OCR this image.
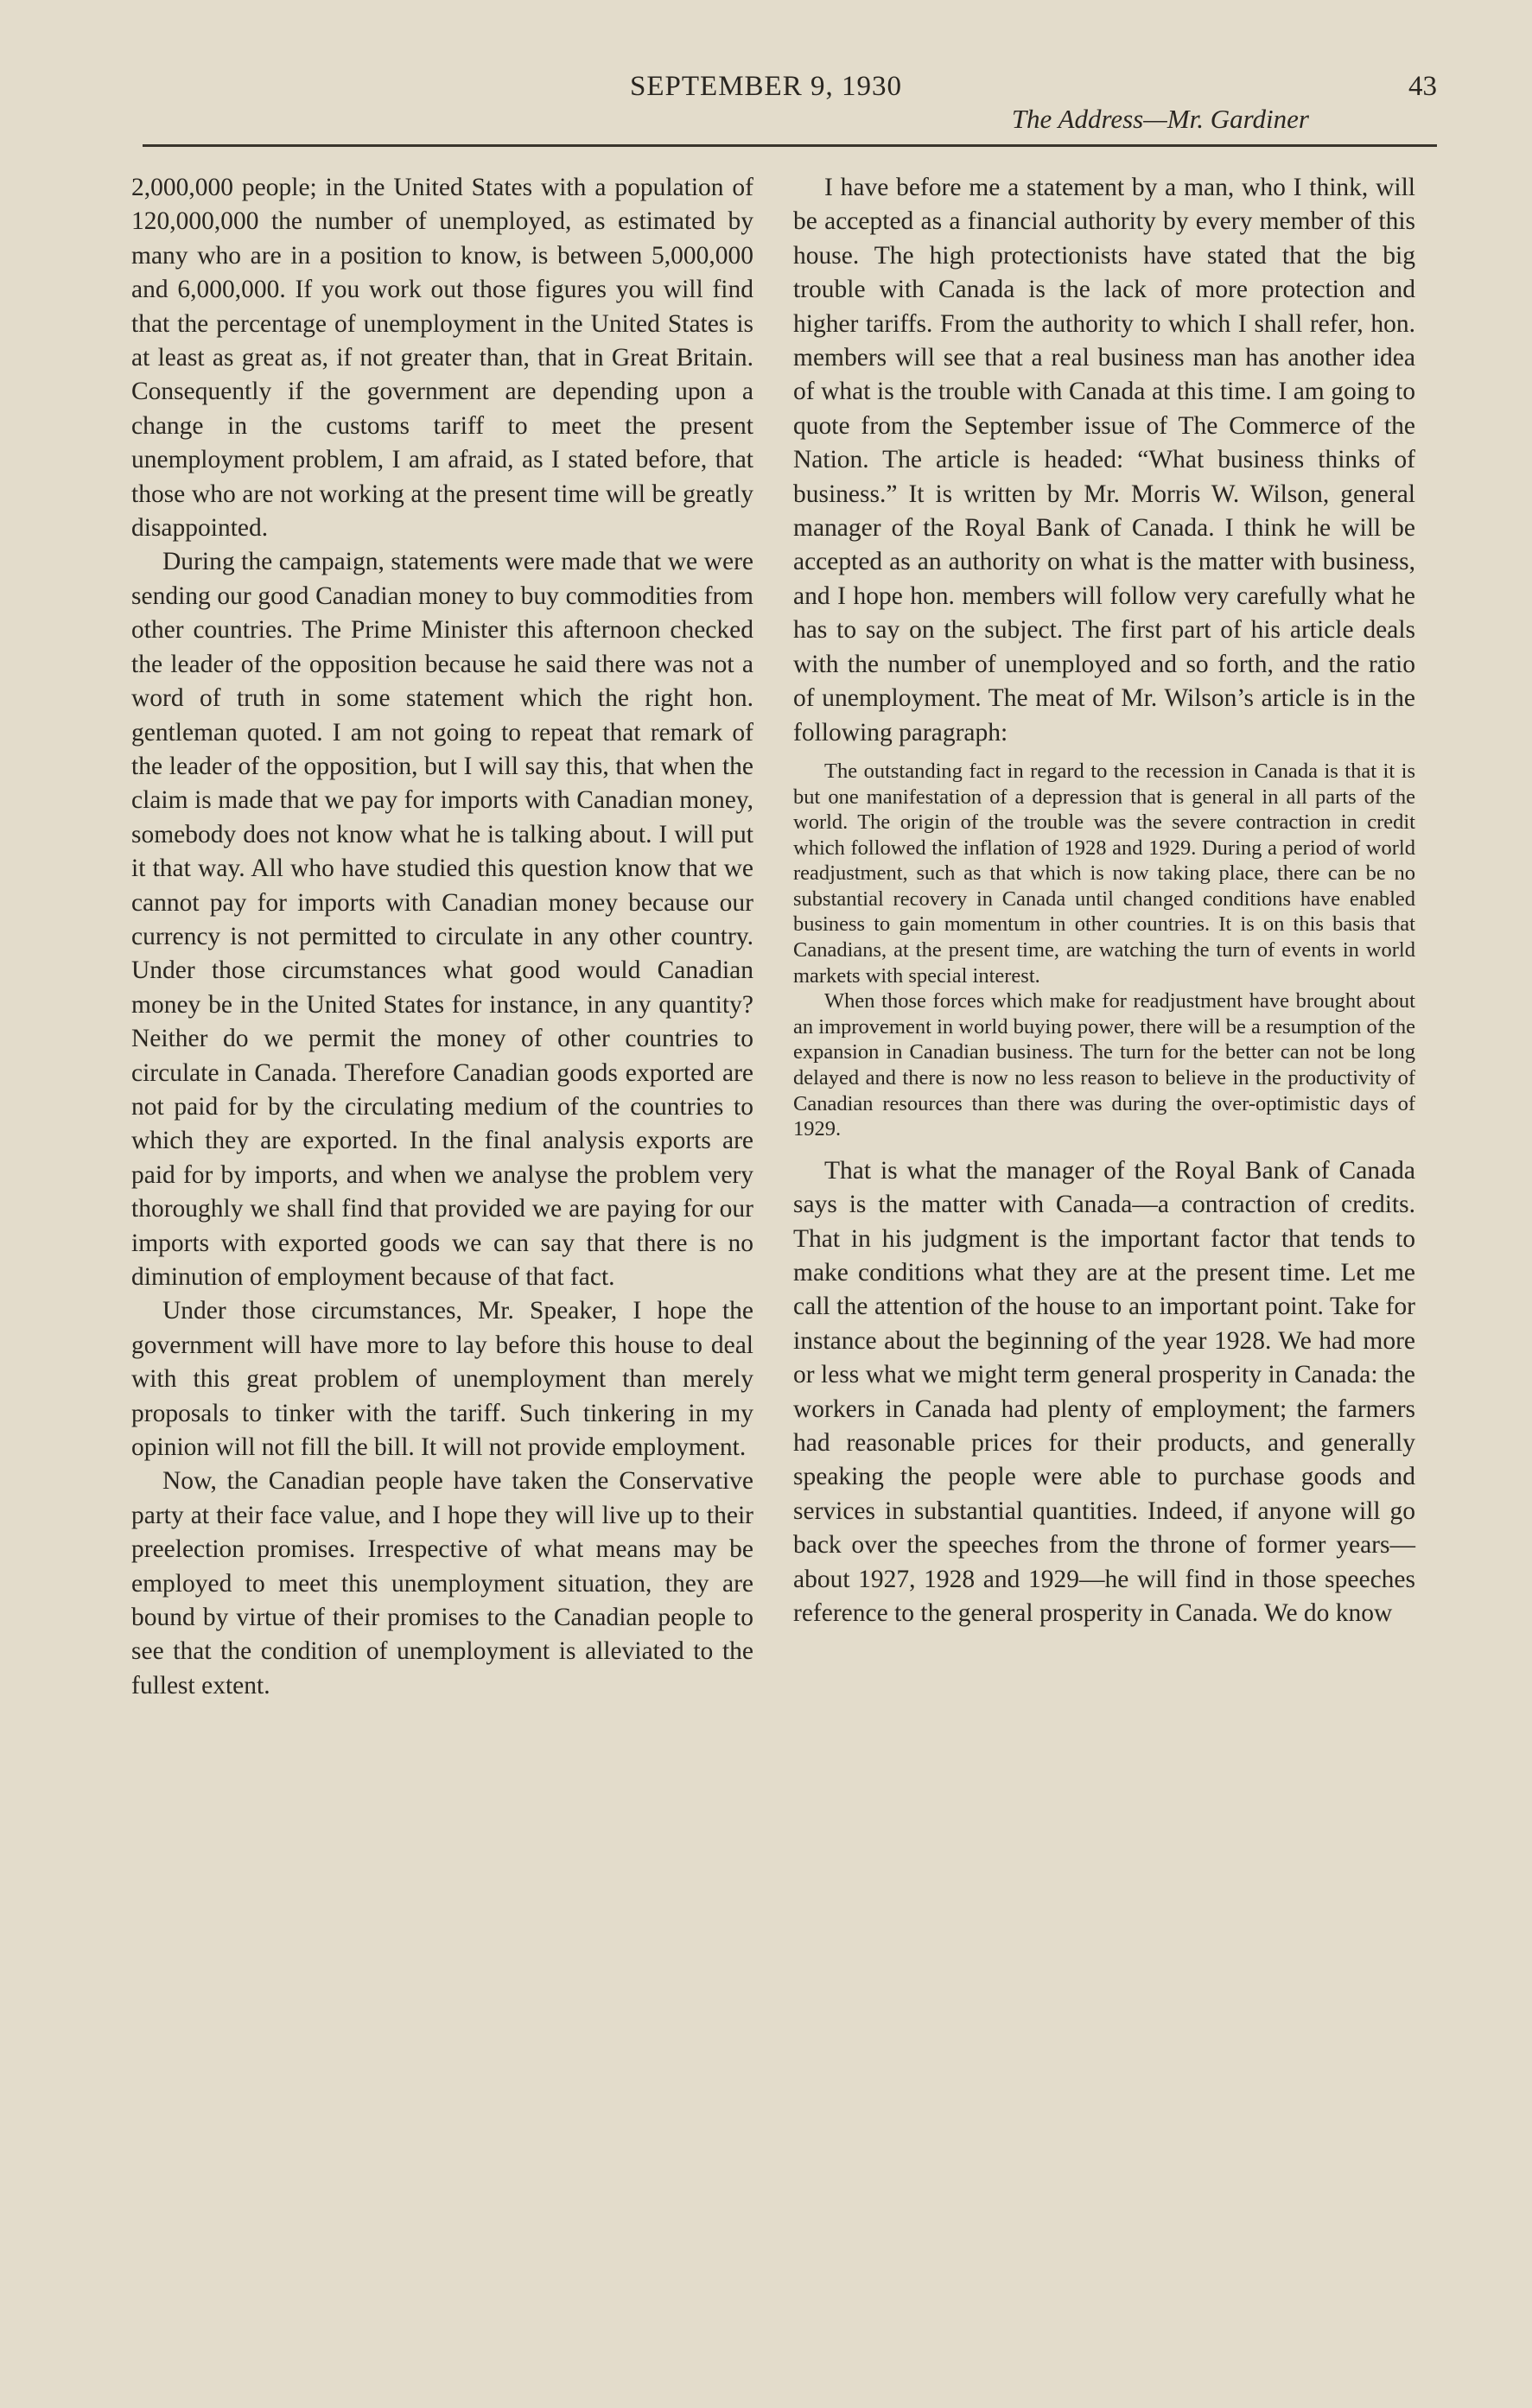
SEPTEMBER 9, 1930	43
The Address—Mr. Gardiner

2,000,000 people; in the United States with a population of 120,000,000 the number of unemployed, as estimated by many who are in a position to know, is between 5,000,000 and 6,000,000. If you work out those figures you will find that the percentage of unemployment in the United States is at least as great as, if not greater than, that in Great Britain. Consequently if the government are depending upon a change in the customs tariff to meet the present unemployment problem, I am afraid, as I stated before, that those who are not working at the present time will be greatly disappointed.

During the campaign, statements were made that we were sending our good Canadian money to buy commodities from other countries. The Prime Minister this afternoon checked the leader of the opposition because he said there was not a word of truth in some statement which the right hon. gentleman quoted. I am not going to repeat that remark of the leader of the opposition, but I will say this, that when the claim is made that we pay for imports with Canadian money, somebody does not know what he is talking about. I will put it that way. All who have studied this question know that we cannot pay for imports with Canadian money because our currency is not permitted to circulate in any other country. Under those circumstances what good would Canadian money be in the United States for instance, in any quantity? Neither do we permit the money of other countries to circulate in Canada. Therefore Canadian goods exported are not paid for by the circulating medium of the countries to which they are exported. In the final analysis exports are paid for by imports, and when we analyse the problem very thoroughly we shall find that provided we are paying for our imports with exported goods we can say that there is no diminution of employment because of that fact.

Under those circumstances, Mr. Speaker, I hope the government will have more to lay before this house to deal with this great problem of unemployment than merely proposals to tinker with the tariff. Such tinkering in my opinion will not fill the bill. It will not provide employment.

Now, the Canadian people have taken the Conservative party at their face value, and I hope they will live up to their preelection promises. Irrespective of what means may be employed to meet this unemployment situation, they are bound by virtue of their promises to the Canadian people to see that the condition of unemployment is alleviated to the fullest extent.

I have before me a statement by a man, who I think, will be accepted as a financial authority by every member of this house. The high protectionists have stated that the big trouble with Canada is the lack of more protection and higher tariffs. From the authority to which I shall refer, hon. members will see that a real business man has another idea of what is the trouble with Canada at this time. I am going to quote from the September issue of The Commerce of the Nation. The article is headed: “What business thinks of business.” It is written by Mr. Morris W. Wilson, general manager of the Royal Bank of Canada. I think he will be accepted as an authority on what is the matter with business, and I hope hon. members will follow very carefully what he has to say on the subject. The first part of his article deals with the number of unemployed and so forth, and the ratio of unemployment. The meat of Mr. Wilson’s article is in the following paragraph:

The outstanding fact in regard to the recession in Canada is that it is but one manifestation of a depression that is general in all parts of the world. The origin of the trouble was the severe contraction in credit which followed the inflation of 1928 and 1929. During a period of world readjustment, such as that which is now taking place, there can be no substantial recovery in Canada until changed conditions have enabled business to gain momentum in other countries. It is on this basis that Canadians, at the present time, are watching the turn of events in world markets with special interest.

When those forces which make for readjustment have brought about an improvement in world buying power, there will be a resumption of the expansion in Canadian business. The turn for the better can not be long delayed and there is now no less reason to believe in the productivity of Canadian resources than there was during the over-optimistic days of 1929.

That is what the manager of the Royal Bank of Canada says is the matter with Canada—a contraction of credits. That in his judgment is the important factor that tends to make conditions what they are at the present time. Let me call the attention of the house to an important point. Take for instance about the beginning of the year 1928. We had more or less what we might term general prosperity in Canada: the workers in Canada had plenty of employment; the farmers had reasonable prices for their products, and generally speaking the people were able to purchase goods and services in substantial quantities. Indeed, if anyone will go back over the speeches from the throne of former years—about 1927, 1928 and 1929—he will find in those speeches reference to the general prosperity in Canada. We do know
